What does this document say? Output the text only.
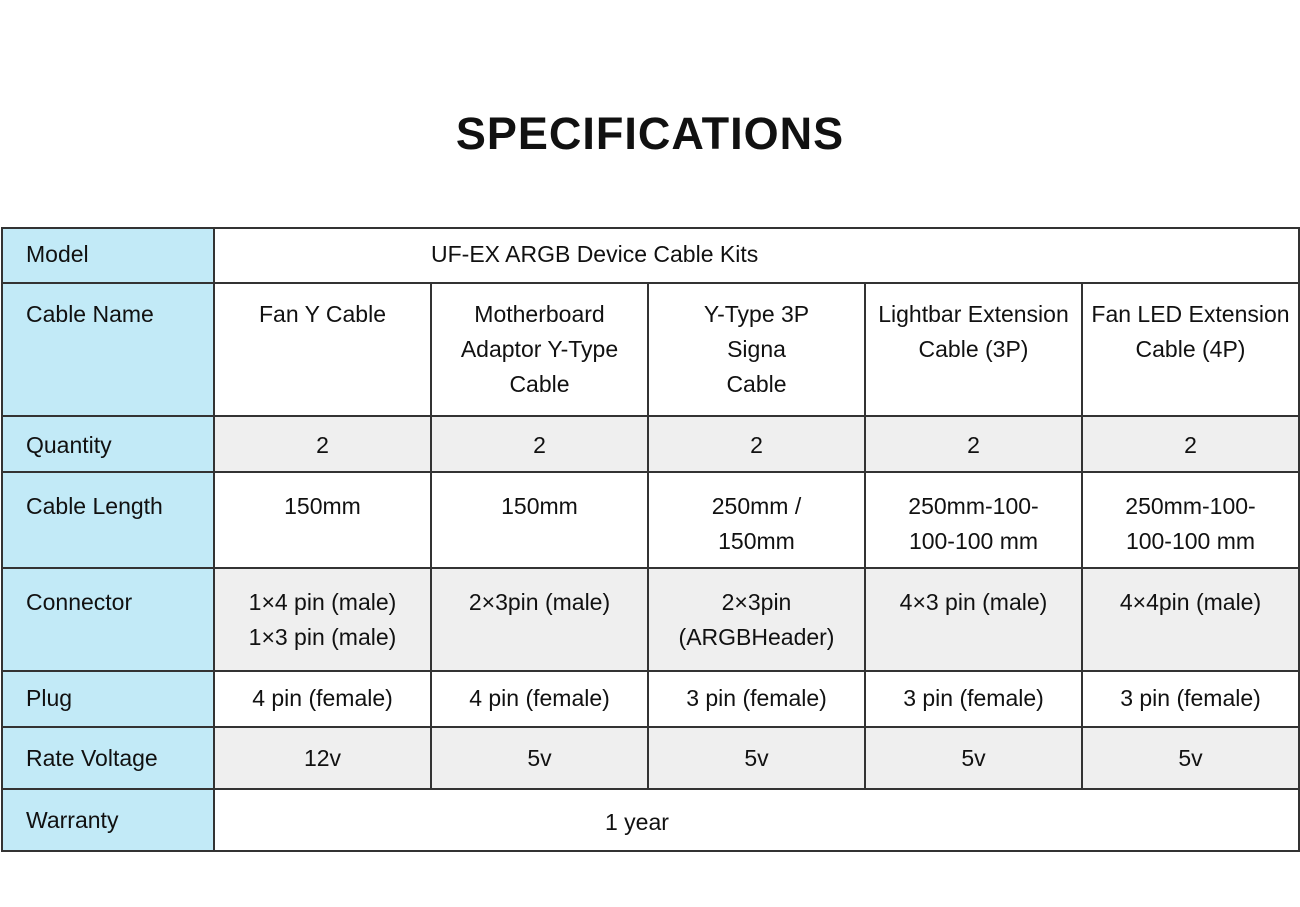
SPECIFICATIONS
Model	UF-EX ARGB Device Cable Kits				
Cable Name	Fan Y Cable	Motherboard Adaptor Y-Type Cable	Y-Type 3P Signa Cable	Lightbar Extension Cable (3P)	Fan LED Extension Cable (4P)
Quantity	2	2	2	2	2
Cable Length	150mm	150mm	250mm / 150mm	250mm-100-100-100 mm	250mm-100-100-100 mm
Connector	1×4 pin (male) 1×3 pin (male)	2×3pin (male)	2×3pin (ARGBHeader)	4×3 pin (male)	4×4pin (male)
Plug	4 pin (female)	4 pin (female)	3 pin (female)	3 pin (female)	3 pin (female)
Rate Voltage	12v	5v	5v	5v	5v
Warranty	1 year				
